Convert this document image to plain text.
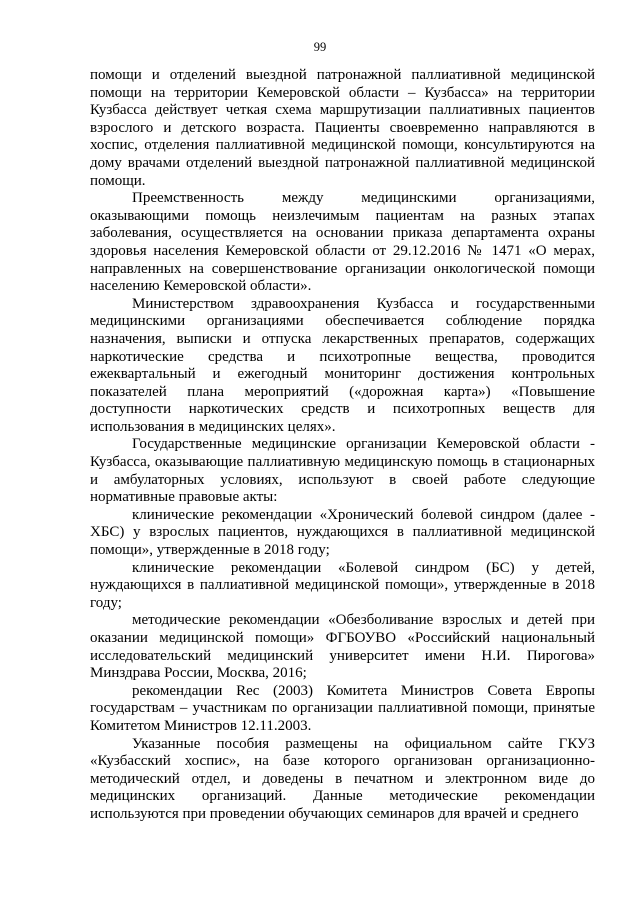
99

помощи и отделений выездной патронажной паллиативной медицинской помощи на территории Кемеровской области – Кузбасса» на территории Кузбасса действует четкая схема маршрутизации паллиативных пациентов взрослого и детского возраста. Пациенты своевременно направляются в хоспис, отделения паллиативной медицинской помощи, консультируются на дому врачами отделений выездной патронажной паллиативной медицинской помощи.

Преемственность между медицинскими организациями, оказывающими помощь неизлечимым пациентам на разных этапах заболевания, осуществляется на основании приказа департамента охраны здоровья населения Кемеровской области от 29.12.2016 № 1471 «О мерах, направленных на совершенствование организации онкологической помощи населению Кемеровской области».

Министерством здравоохранения Кузбасса и государственными медицинскими организациями обеспечивается соблюдение порядка назначения, выписки и отпуска лекарственных препаратов, содержащих наркотические средства и психотропные вещества, проводится ежеквартальный и ежегодный мониторинг достижения контрольных показателей плана мероприятий («дорожная карта») «Повышение доступности наркотических средств и психотропных веществ для использования в медицинских целях».

Государственные медицинские организации Кемеровской области - Кузбасса, оказывающие паллиативную медицинскую помощь в стационарных и амбулаторных условиях, используют в своей работе следующие нормативные правовые акты:

клинические рекомендации «Хронический болевой синдром (далее - ХБС) у взрослых пациентов, нуждающихся в паллиативной медицинской помощи», утвержденные в 2018 году;

клинические рекомендации «Болевой синдром (БС) у детей, нуждающихся в паллиативной медицинской помощи», утвержденные в 2018 году;

методические рекомендации «Обезболивание взрослых и детей при оказании медицинской помощи» ФГБОУВО «Российский национальный исследовательский медицинский университет имени Н.И. Пирогова» Минздрава России, Москва, 2016;

рекомендации Rec (2003) Комитета Министров Совета Европы государствам – участникам по организации паллиативной помощи, принятые Комитетом Министров 12.11.2003.

Указанные пособия размещены на официальном сайте ГКУЗ «Кузбасский хоспис», на базе которого организован организационно-методический отдел, и доведены в печатном и электронном виде до медицинских организаций. Данные методические рекомендации используются при проведении обучающих семинаров для врачей и среднего
